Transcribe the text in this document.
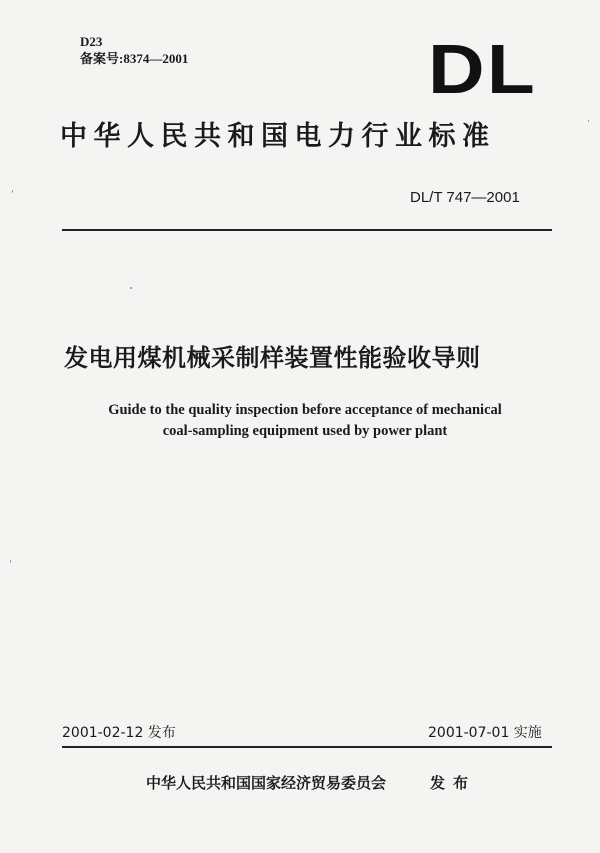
D23
备案号:8374—2001	DL
中华人民共和国电力行业标准
DL/T 747—2001
发电用煤机械采制样装置性能验收导则
Guide to the quality inspection before acceptance of mechanical
coal-sampling equipment used by power plant
2001-02-12 发布	2001-07-01 实施
中华人民共和国国家经济贸易委员会	发布
